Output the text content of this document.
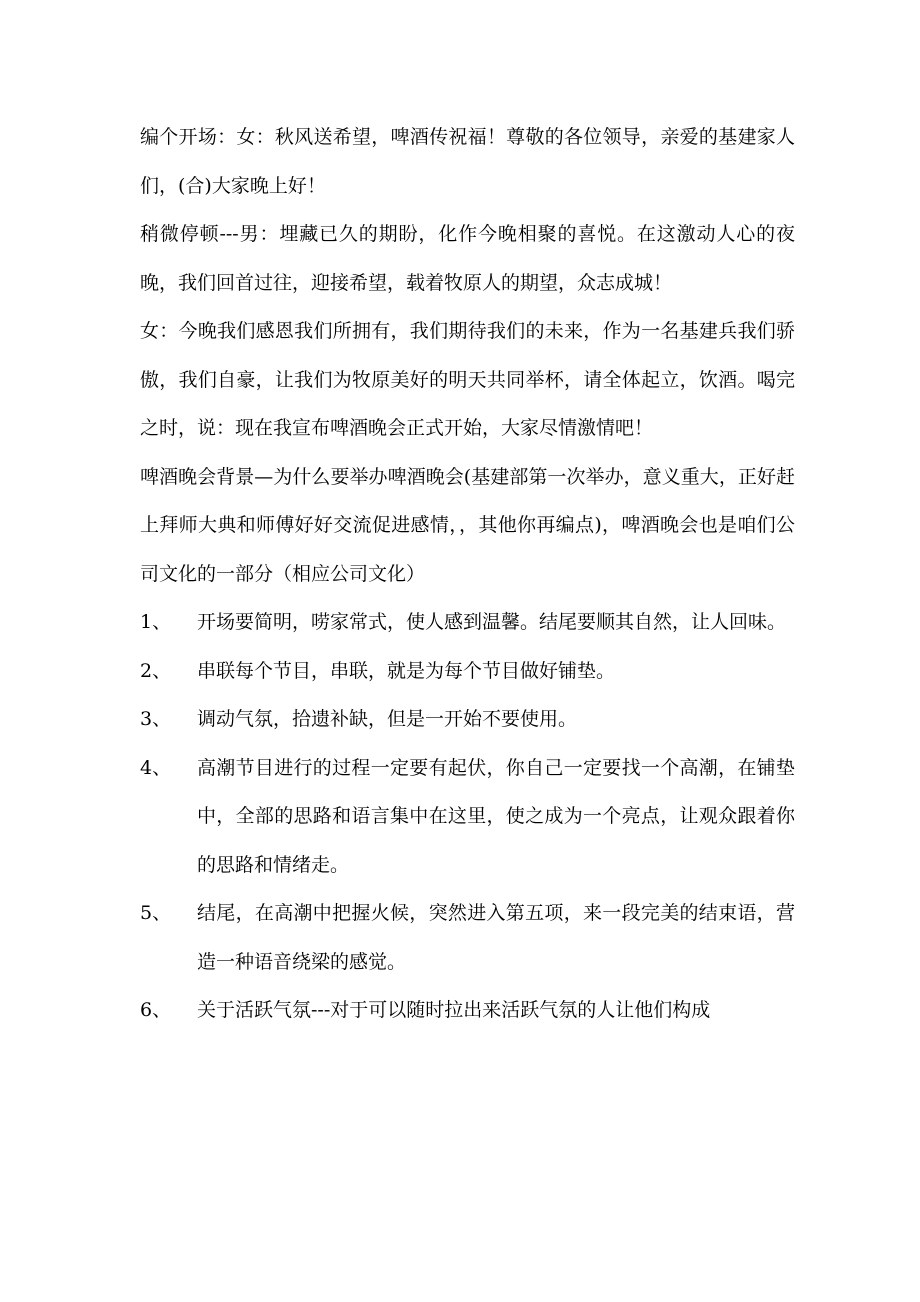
编个开场：女：秋风送希望，啤酒传祝福！尊敬的各位领导，亲爱的基建家人们，(合)大家晚上好！

稍微停顿---男：埋藏已久的期盼，化作今晚相聚的喜悦。在这激动人心的夜晚，我们回首过往，迎接希望，载着牧原人的期望，众志成城！

女：今晚我们感恩我们所拥有，我们期待我们的未来，作为一名基建兵我们骄傲，我们自豪，让我们为牧原美好的明天共同举杯，请全体起立，饮酒。喝完之时，说：现在我宣布啤酒晚会正式开始，大家尽情激情吧！

啤酒晚会背景—为什么要举办啤酒晚会(基建部第一次举办，意义重大，正好赶上拜师大典和师傅好好交流促进感情，，其他你再编点)，啤酒晚会也是咱们公司文化的一部分（相应公司文化）

1、	开场要简明，唠家常式，使人感到温馨。结尾要顺其自然，让人回味。
2、	串联每个节目，串联，就是为每个节目做好铺垫。
3、	调动气氛，拾遗补缺，但是一开始不要使用。
4、	高潮节目进行的过程一定要有起伏，你自己一定要找一个高潮，在铺垫中，全部的思路和语言集中在这里，使之成为一个亮点，让观众跟着你的思路和情绪走。
5、	结尾，在高潮中把握火候，突然进入第五项，来一段完美的结束语，营造一种语音绕梁的感觉。
6、	关于活跃气氛---对于可以随时拉出来活跃气氛的人让他们构成
